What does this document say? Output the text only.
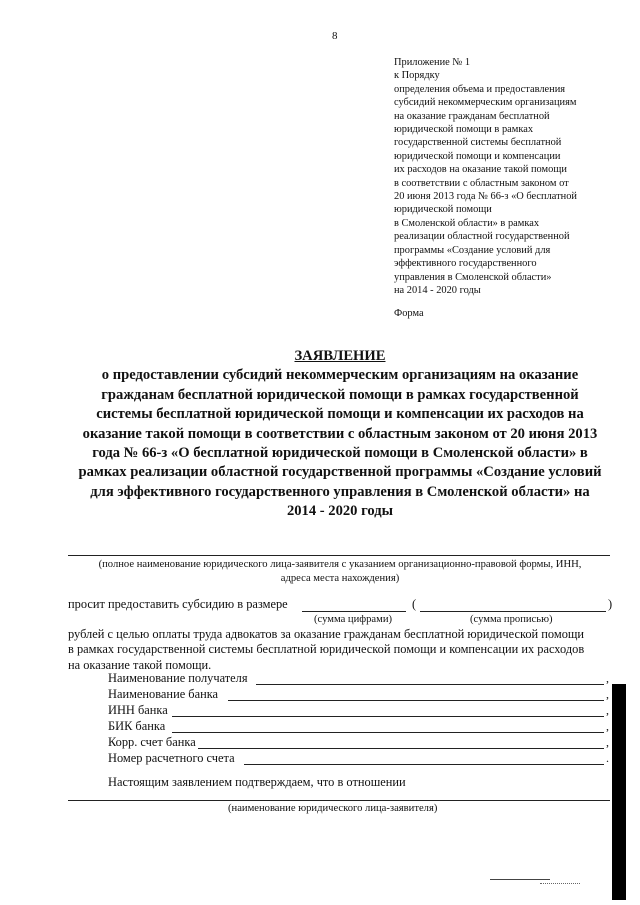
8
Приложение № 1
к Порядку
определения объема и предоставления
субсидий некоммерческим организациям
на оказание гражданам бесплатной
юридической помощи в рамках
государственной системы бесплатной
юридической помощи и компенсации
их расходов на оказание такой помощи
в соответствии с областным законом от
20 июня 2013 года № 66-з «О бесплатной
юридической помощи
в Смоленской области» в рамках
реализации областной государственной
программы «Создание условий для
эффективного государственного
управления в Смоленской области»
на 2014 - 2020 годы
Форма
ЗАЯВЛЕНИЕ
о предоставлении субсидий некоммерческим организациям на оказание
гражданам бесплатной юридической помощи в рамках государственной
системы бесплатной юридической помощи и компенсации их расходов на
оказание такой помощи в соответствии с областным законом от 20 июня 2013
года № 66-з «О бесплатной юридической помощи в Смоленской области» в
рамках реализации областной государственной программы «Создание условий
для эффективного государственного управления в Смоленской области» на
2014 - 2020 годы
(полное наименование юридического лица-заявителя с указанием организационно-правовой формы, ИНН,
адреса места нахождения)
просит предоставить субсидию в размере	(	)
(сумма цифрами)	(сумма прописью)
рублей с целью оплаты труда адвокатов за оказание гражданам бесплатной юридической помощи
в рамках государственной системы бесплатной юридической помощи и компенсации их расходов
на оказание такой помощи.
Наименование получателя	,
Наименование банка	,
ИНН банка	,
БИК банка	,
Корр. счет банка	,
Номер расчетного счета	.
Настоящим заявлением подтверждаем, что в отношении
(наименование юридического лица-заявителя)
